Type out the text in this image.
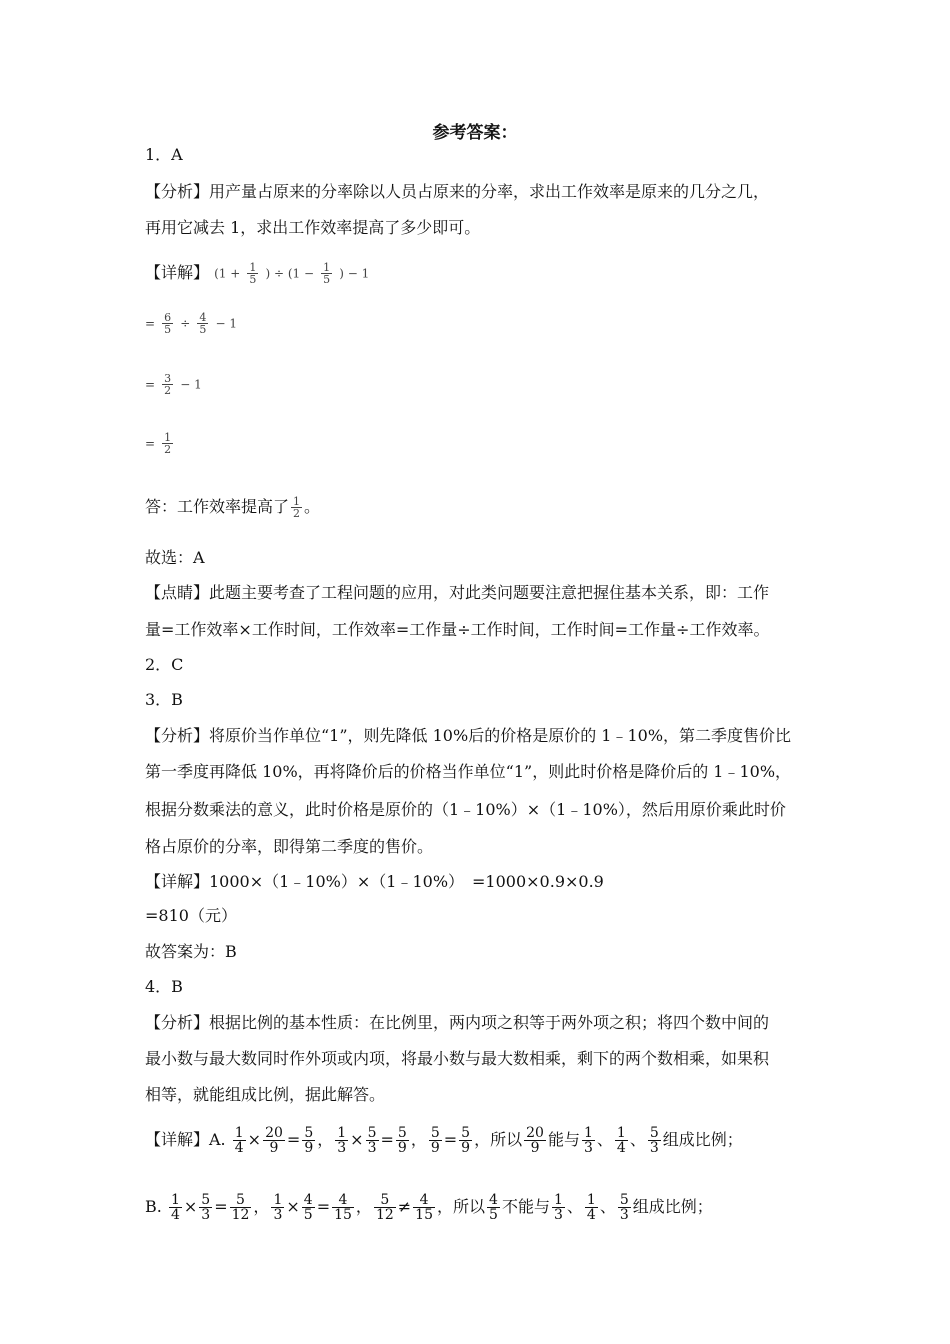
参考答案：
1．A
【分析】用产量占原来的分率除以人员占原来的分率，求出工作效率是原来的几分之几，
再用它减去 1，求出工作效率提高了多少即可。
【详解】 ($1 + \frac{1}{5}$ ) ÷ ($1 - \frac{1}{5}$ ) − 1
= $\frac{6}{5} \div \frac{4}{5} - 1$
= $\frac{3}{2} - 1$
= $\frac{1}{2}$
答：工作效率提高了 $\frac{1}{2}$ 。
故选：A
【点睛】此题主要考查了工程问题的应用，对此类问题要注意把握住基本关系，即：工作
量=工作效率×工作时间，工作效率=工作量÷工作时间，工作时间=工作量÷工作效率。
2．C
3．B
【分析】将原价当作单位“1”，则先降低 10%后的价格是原价的 1﹣10%，第二季度售价比
第一季度再降低 10%，再将降价后的价格当作单位“1”，则此时价格是降价后的 1﹣10%，
根据分数乘法的意义，此时价格是原价的（1﹣10%）×（1﹣10%），然后用原价乘此时价
格占原价的分率，即得第二季度的售价。
【详解】1000×（1﹣10%）×（1﹣10%）　=1000×0.9×0.9
=810（元）
故答案为：B
4．B
【分析】根据比例的基本性质：在比例里，两内项之积等于两外项之积；将四个数中间的
最小数与最大数同时作外项或内项，将最小数与最大数相乘，剩下的两个数相乘，如果积
相等，就能组成比例，据此解答。
【详解】A. $\frac{1}{4} \times \frac{20}{9} = \frac{5}{9}$ ， $\frac{1}{3} \times \frac{5}{3} = \frac{5}{9}$ ， $\frac{5}{9} = \frac{5}{9}$ ，所以 $\frac{20}{9}$ 能与 $\frac{1}{3}$ 、 $\frac{1}{4}$ 、 $\frac{5}{3}$ 组成比例；
B. $\frac{1}{4} \times \frac{5}{3} = \frac{5}{12}$ ， $\frac{1}{3} \times \frac{4}{5} = \frac{4}{15}$ ， $\frac{5}{12} \ne \frac{4}{15}$ ，所以 $\frac{4}{5}$ 不能与 $\frac{1}{3}$ 、 $\frac{1}{4}$ 、 $\frac{5}{3}$ 组成比例；
